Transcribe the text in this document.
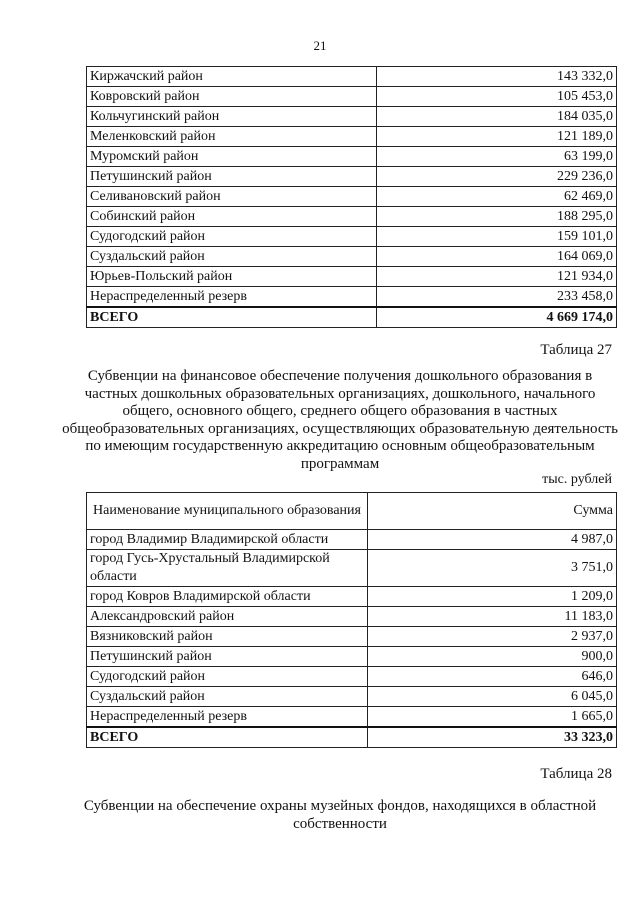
21
Киржачский район	143 332,0
Ковровский район	105 453,0
Кольчугинский район	184 035,0
Меленковский район	121 189,0
Муромский район	63 199,0
Петушинский район	229 236,0
Селивановский район	62 469,0
Собинский район	188 295,0
Судогодский район	159 101,0
Суздальский район	164 069,0
Юрьев-Польский район	121 934,0
Нераспределенный резерв	233 458,0
ВСЕГО	4 669 174,0
Таблица 27
Субвенции на финансовое обеспечение получения дошкольного образования в частных дошкольных образовательных организациях, дошкольного, начального общего, основного общего, среднего общего образования в частных общеобразовательных организациях, осуществляющих образовательную деятельность по имеющим государственную аккредитацию основным общеобразовательным программам
тыс. рублей
Наименование муниципального образования	Сумма
город Владимир Владимирской области	4 987,0
город Гусь-Хрустальный Владимирской области	3 751,0
город Ковров Владимирской области	1 209,0
Александровский район	11 183,0
Вязниковский район	2 937,0
Петушинский район	900,0
Судогодский район	646,0
Суздальский район	6 045,0
Нераспределенный резерв	1 665,0
ВСЕГО	33 323,0
Таблица 28
Субвенции на обеспечение охраны музейных фондов, находящихся в областной собственности
